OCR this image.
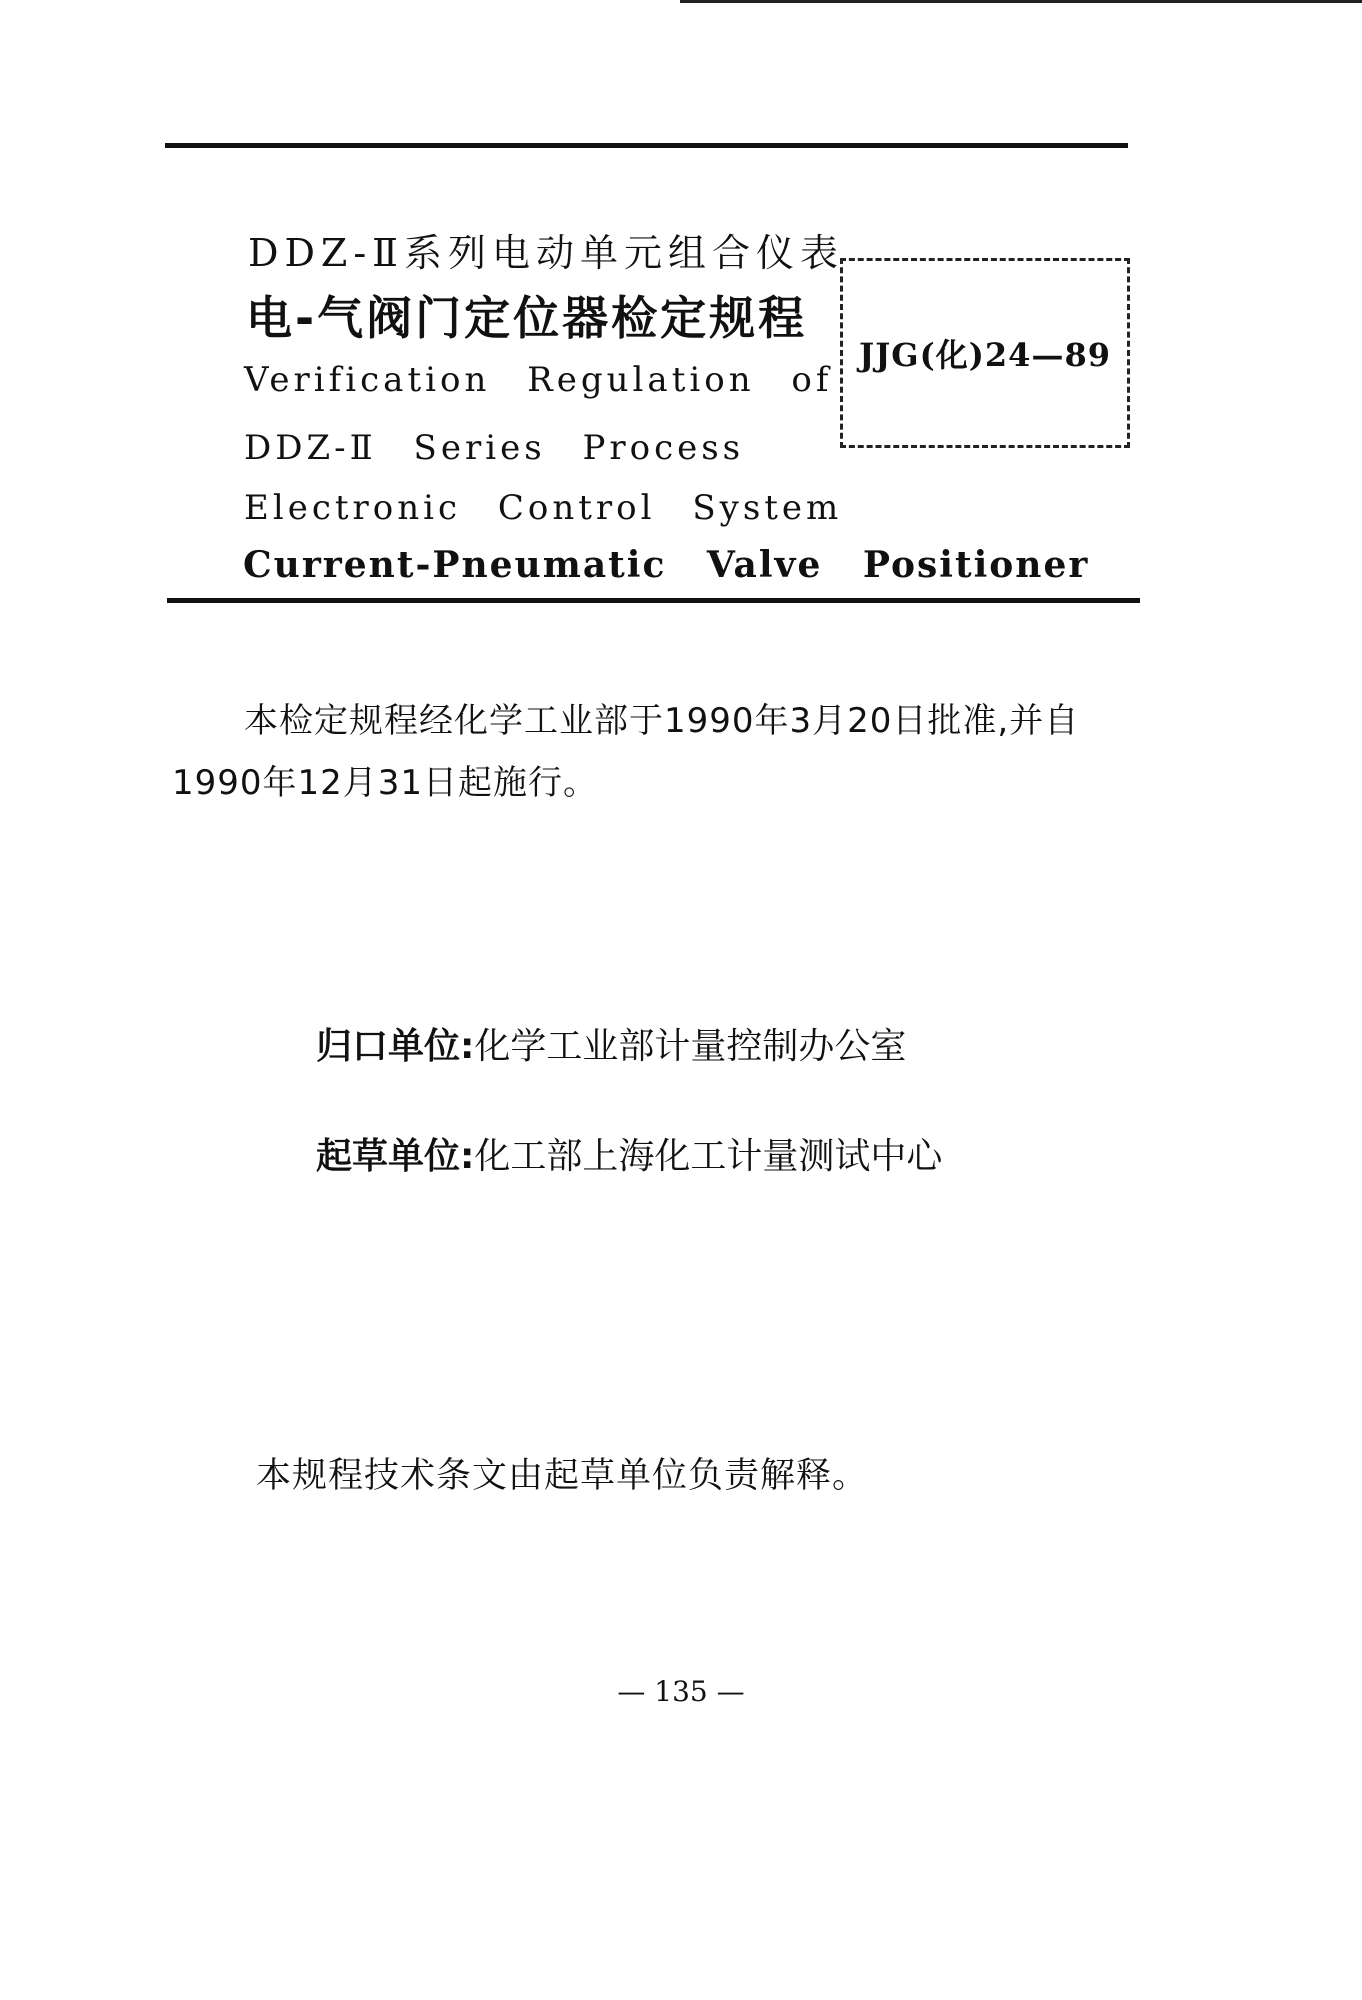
DDZ-Ⅱ系列电动单元组合仪表
电-气阀门定位器检定规程
Verification Regulation of
DDZ-Ⅱ Series Process
Electronic Control System
Current-Pneumatic Valve Positioner
JJG(化)24—89
本检定规程经化学工业部于1990年3月20日批准,并自1990年12月31日起施行。
归口单位:化学工业部计量控制办公室
起草单位:化工部上海化工计量测试中心
本规程技术条文由起草单位负责解释。
— 135 —
